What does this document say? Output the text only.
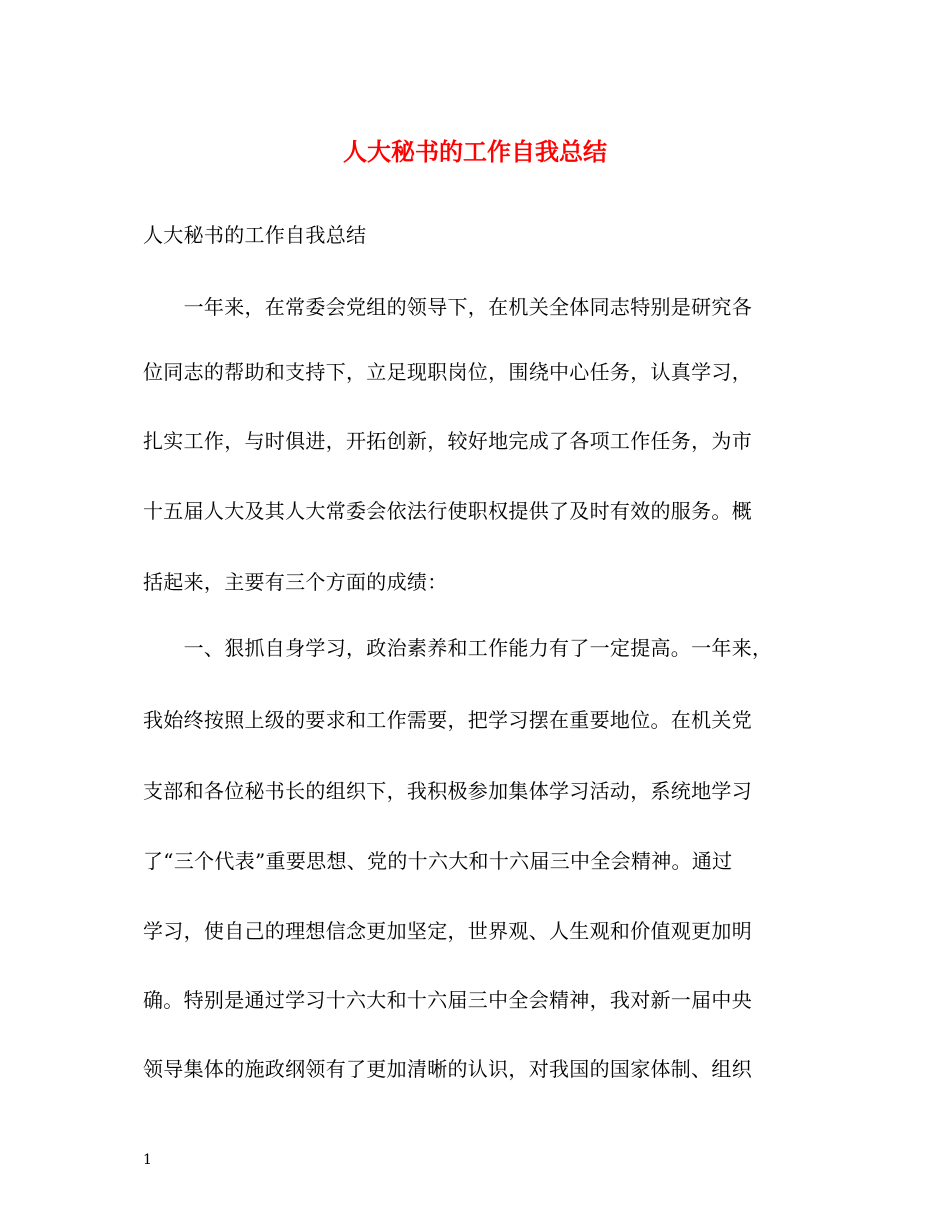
人大秘书的工作自我总结
人大秘书的工作自我总结
　　一年来，在常委会党组的领导下，在机关全体同志特别是研究各
位同志的帮助和支持下，立足现职岗位，围绕中心任务，认真学习，
扎实工作，与时俱进，开拓创新，较好地完成了各项工作任务，为市
十五届人大及其人大常委会依法行使职权提供了及时有效的服务。概
括起来，主要有三个方面的成绩：
　　一、狠抓自身学习，政治素养和工作能力有了一定提高。一年来，
我始终按照上级的要求和工作需要，把学习摆在重要地位。在机关党
支部和各位秘书长的组织下，我积极参加集体学习活动，系统地学习
了“三个代表”重要思想、党的十六大和十六届三中全会精神。通过
学习，使自己的理想信念更加坚定，世界观、人生观和价值观更加明
确。特别是通过学习十六大和十六届三中全会精神，我对新一届中央
领导集体的施政纲领有了更加清晰的认识，对我国的国家体制、组织
1
